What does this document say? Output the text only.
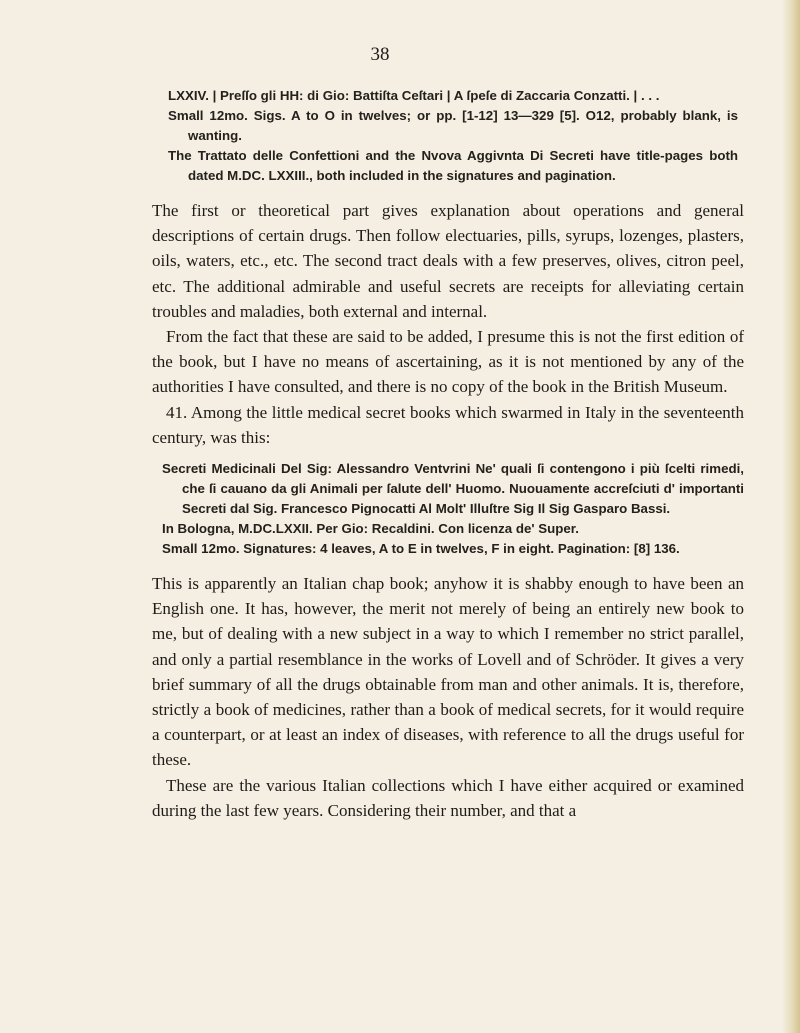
38

LXXIV. | Preſſo gli HH: di Gio: Battiſta Ceſtari | A ſpeſe di Zaccaria Conzatti. | . . .

Small 12mo. Sigs. A to O in twelves; or pp. [1-12] 13—329 [5]. O12, probably blank, is wanting.

The Trattato delle Confettioni and the Nvova Aggivnta Di Secreti have title-pages both dated M.DC. LXXIII., both included in the signatures and pagination.

The first or theoretical part gives explanation about operations and general descriptions of certain drugs. Then follow electuaries, pills, syrups, lozenges, plasters, oils, waters, etc., etc. The second tract deals with a few preserves, olives, citron peel, etc. The additional admirable and useful secrets are receipts for alleviating certain troubles and maladies, both external and internal.

From the fact that these are said to be added, I presume this is not the first edition of the book, but I have no means of ascertaining, as it is not mentioned by any of the authorities I have consulted, and there is no copy of the book in the British Museum.

41. Among the little medical secret books which swarmed in Italy in the seventeenth century, was this:

Secreti Medicinali Del Sig: Alessandro Ventvrini Ne' quali ſi contengono i più ſcelti rimedi, che ſi cauano da gli Animali per ſalute dell' Huomo. Nuouamente accreſciuti d' importanti Secreti dal Sig. Francesco Pignocatti Al Molt' Illuſtre Sig Il Sig Gasparo Bassi.

In Bologna, M.DC.LXXII. Per Gio: Recaldini. Con licenza de' Super.

Small 12mo. Signatures: 4 leaves, A to E in twelves, F in eight. Pagination: [8] 136.

This is apparently an Italian chap book; anyhow it is shabby enough to have been an English one. It has, however, the merit not merely of being an entirely new book to me, but of dealing with a new subject in a way to which I remember no strict parallel, and only a partial resemblance in the works of Lovell and of Schröder. It gives a very brief summary of all the drugs obtainable from man and other animals. It is, therefore, strictly a book of medicines, rather than a book of medical secrets, for it would require a counterpart, or at least an index of diseases, with reference to all the drugs useful for these.

These are the various Italian collections which I have either acquired or examined during the last few years. Considering their number, and that a
